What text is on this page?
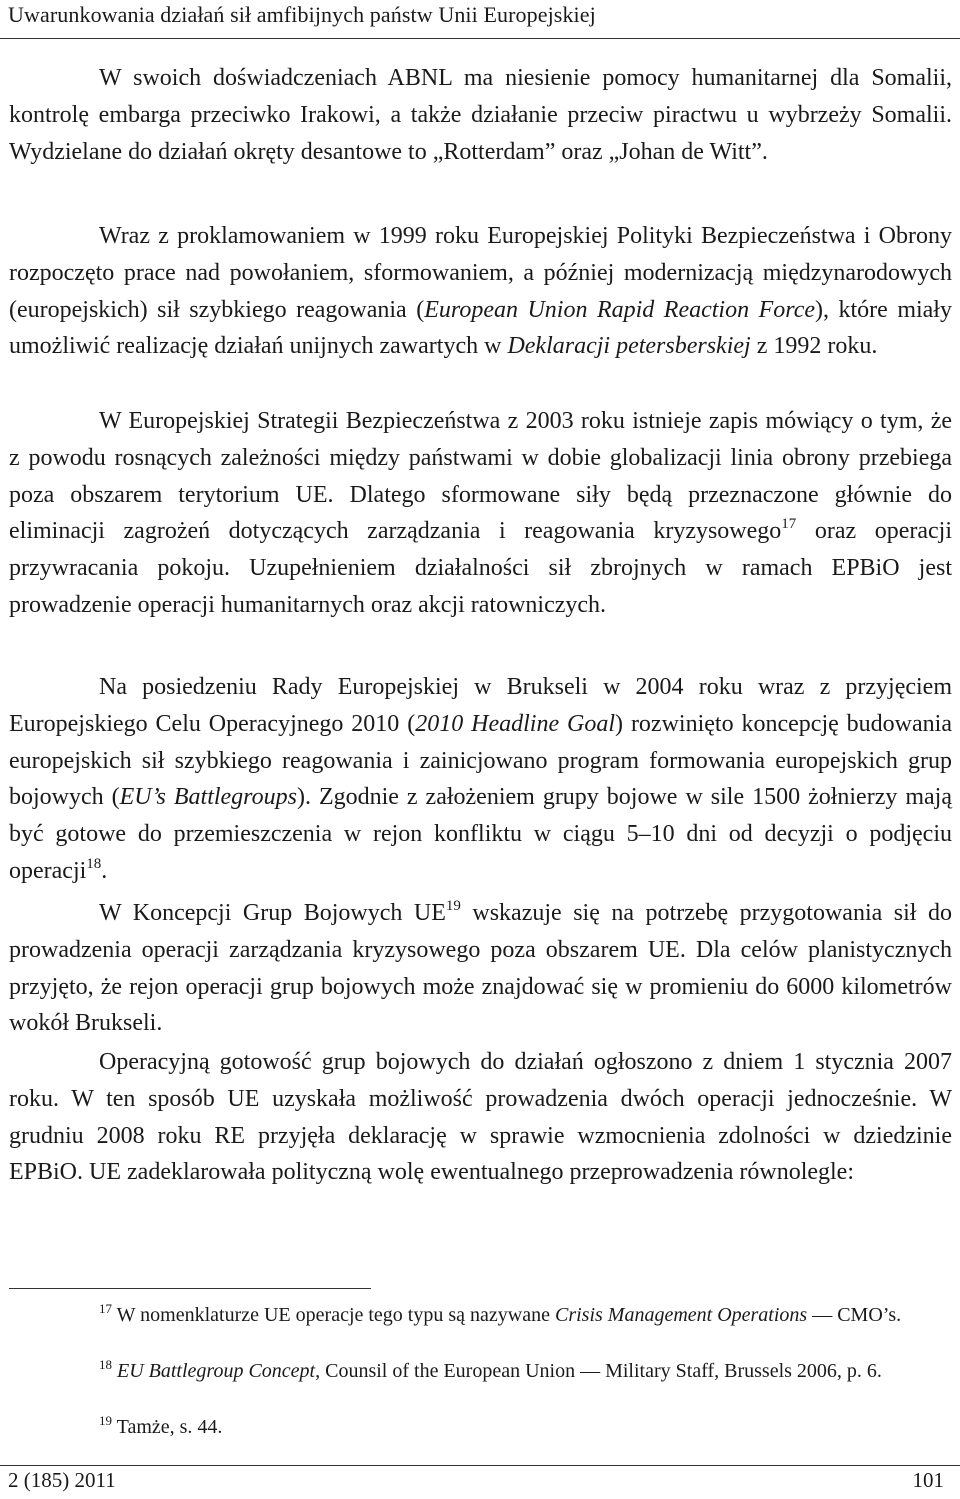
Uwarunkowania działań sił amfibijnych państw Unii Europejskiej

W swoich doświadczeniach ABNL ma niesienie pomocy humanitarnej dla Somalii, kontrolę embarga przeciwko Irakowi, a także działanie przeciw piractwu u wybrzeży Somalii. Wydzielane do działań okręty desantowe to „Rotterdam” oraz „Johan de Witt”.

Wraz z proklamowaniem w 1999 roku Europejskiej Polityki Bezpieczeństwa i Obrony rozpoczęto prace nad powołaniem, sformowaniem, a później modernizacją międzynarodowych (europejskich) sił szybkiego reagowania (European Union Rapid Reaction Force), które miały umożliwić realizację działań unijnych zawartych w Deklaracji petersberskiej z 1992 roku.

W Europejskiej Strategii Bezpieczeństwa z 2003 roku istnieje zapis mówiący o tym, że z powodu rosnących zależności między państwami w dobie globalizacji linia obrony przebiega poza obszarem terytorium UE. Dlatego sformowane siły będą przeznaczone głównie do eliminacji zagrożeń dotyczących zarządzania i reagowania kryzysowego$^{17}$ oraz operacji przywracania pokoju. Uzupełnieniem działalności sił zbrojnych w ramach EPBiO jest prowadzenie operacji humanitarnych oraz akcji ratowniczych.

Na posiedzeniu Rady Europejskiej w Brukseli w 2004 roku wraz z przyjęciem Europejskiego Celu Operacyjnego 2010 (2010 Headline Goal) rozwinięto koncepcję budowania europejskich sił szybkiego reagowania i zainicjowano program formowania europejskich grup bojowych (EU’s Battlegroups). Zgodnie z założeniem grupy bojowe w sile 1500 żołnierzy mają być gotowe do przemieszczenia w rejon konfliktu w ciągu 5–10 dni od decyzji o podjęciu operacji$^{18}$.

W Koncepcji Grup Bojowych UE$^{19}$ wskazuje się na potrzebę przygotowania sił do prowadzenia operacji zarządzania kryzysowego poza obszarem UE. Dla celów planistycznych przyjęto, że rejon operacji grup bojowych może znajdować się w promieniu do 6000 kilometrów wokół Brukseli.

Operacyjną gotowość grup bojowych do działań ogłoszono z dniem 1 stycznia 2007 roku. W ten sposób UE uzyskała możliwość prowadzenia dwóch operacji jednocześnie. W grudniu 2008 roku RE przyjęła deklarację w sprawie wzmocnienia zdolności w dziedzinie EPBiO. UE zadeklarowała polityczną wolę ewentualnego przeprowadzenia równolegle:

$^{17}$ W nomenklaturze UE operacje tego typu są nazywane Crisis Management Operations — CMO’s.

$^{18}$ EU Battlegroup Concept, Counsil of the European Union — Military Staff, Brussels 2006, p. 6.

$^{19}$ Tamże, s. 44.

2 (185) 2011	101
